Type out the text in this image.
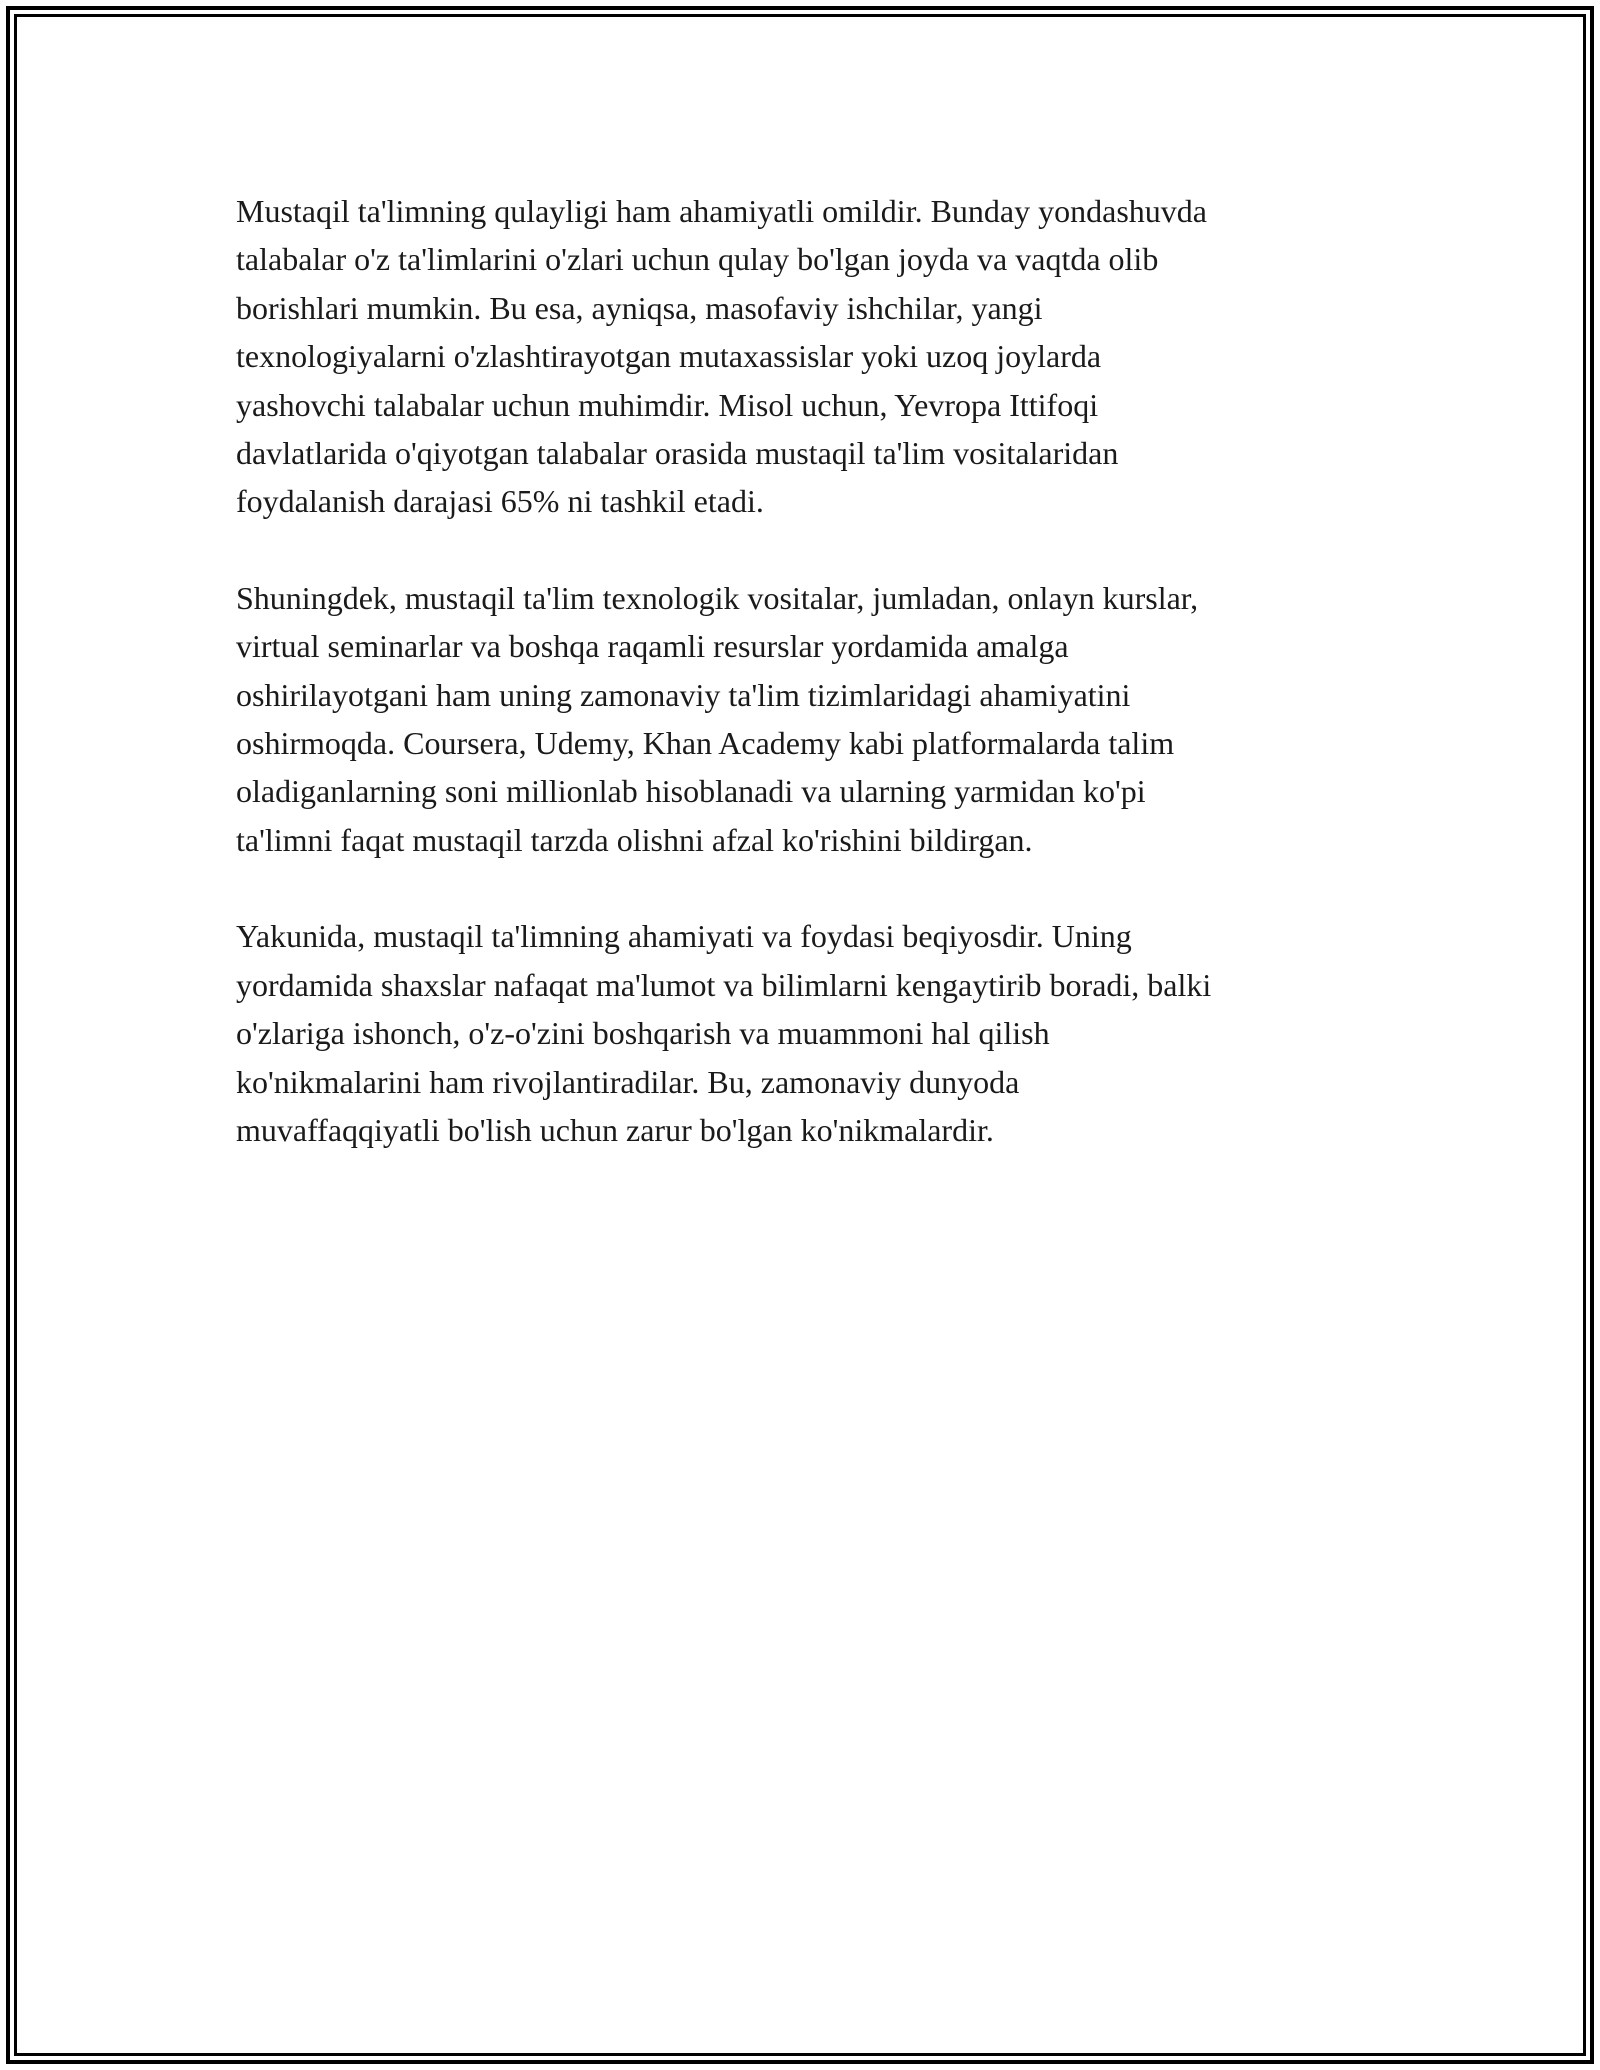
Mustaqil ta'limning qulayligi ham ahamiyatli omildir. Bunday yondashuvda
talabalar o'z ta'limlarini o'zlari uchun qulay bo'lgan joyda va vaqtda olib
borishlari mumkin. Bu esa, ayniqsa, masofaviy ishchilar, yangi
texnologiyalarni o'zlashtirayotgan mutaxassislar yoki uzoq joylarda
yashovchi talabalar uchun muhimdir. Misol uchun, Yevropa Ittifoqi
davlatlarida o'qiyotgan talabalar orasida mustaqil ta'lim vositalaridan
foydalanish darajasi 65% ni tashkil etadi.

Shuningdek, mustaqil ta'lim texnologik vositalar, jumladan, onlayn kurslar,
virtual seminarlar va boshqa raqamli resurslar yordamida amalga
oshirilayotgani ham uning zamonaviy ta'lim tizimlaridagi ahamiyatini
oshirmoqda. Coursera, Udemy, Khan Academy kabi platformalarda talim
oladiganlarning soni millionlab hisoblanadi va ularning yarmidan ko'pi
ta'limni faqat mustaqil tarzda olishni afzal ko'rishini bildirgan.

Yakunida, mustaqil ta'limning ahamiyati va foydasi beqiyosdir. Uning
yordamida shaxslar nafaqat ma'lumot va bilimlarni kengaytirib boradi, balki
o'zlariga ishonch, o'z-o'zini boshqarish va muammoni hal qilish
ko'nikmalarini ham rivojlantiradilar. Bu, zamonaviy dunyoda
muvaffaqqiyatli bo'lish uchun zarur bo'lgan ko'nikmalardir.
